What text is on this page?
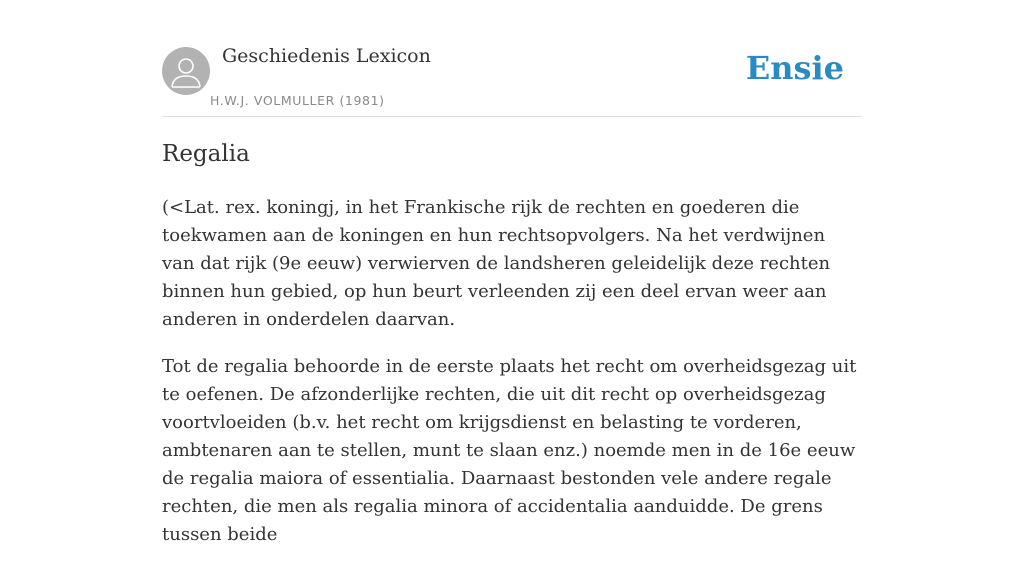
Geschiedenis Lexicon
H.W.J. VOLMULLER (1981)
Ensie
Regalia

(<Lat. rex. koningj, in het Frankische rijk de rechten en goederen die toekwamen aan de koningen en hun rechtsopvolgers. Na het verdwijnen van dat rijk (9e eeuw) verwierven de landsheren geleidelijk deze rechten binnen hun gebied, op hun beurt verleenden zij een deel ervan weer aan anderen in onderdelen daarvan.

Tot de regalia behoorde in de eerste plaats het recht om overheidsgezag uit te oefenen. De afzonderlijke rechten, die uit dit recht op overheidsgezag voortvloeiden (b.v. het recht om krijgsdienst en belasting te vorderen, ambtenaren aan te stellen, munt te slaan enz.) noemde men in de 16e eeuw de regalia maiora of essentialia. Daarnaast bestonden vele andere regale rechten, die men als regalia minora of accidentalia aanduidde. De grens tussen beide
